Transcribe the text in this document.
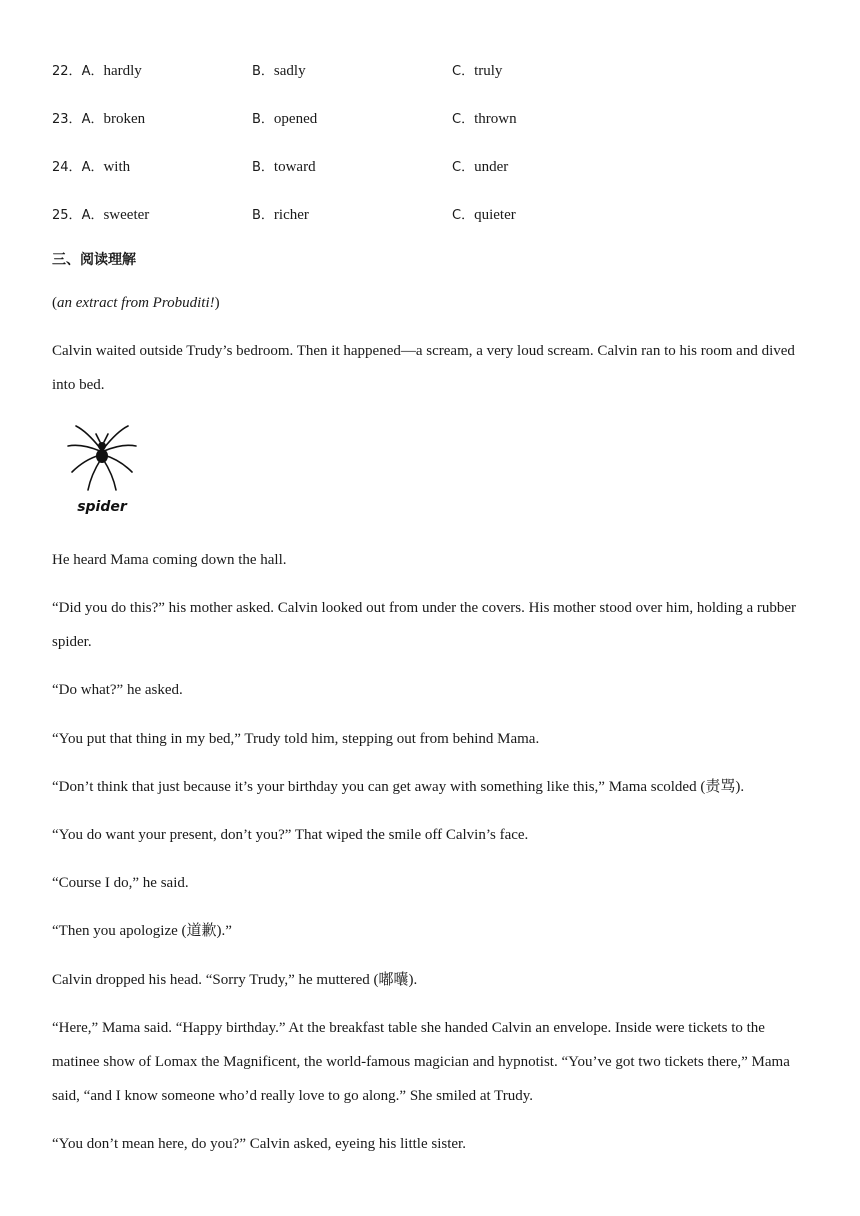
22．A．hardly	B．sadly	C．truly
23．A．broken	B．opened	C．thrown
24．A．with	B．toward	C．under
25．A．sweeter	B．richer	C．quieter
三、阅读理解
(an extract from Probuditi!)
Calvin waited outside Trudy’s bedroom. Then it happened—a scream, a very loud scream. Calvin ran to his room and dived into bed.
spider
He heard Mama coming down the hall.
“Did you do this?” his mother asked. Calvin looked out from under the covers. His mother stood over him, holding a rubber spider.
“Do what?” he asked.
“You put that thing in my bed,” Trudy told him, stepping out from behind Mama.
“Don’t think that just because it’s your birthday you can get away with something like this,” Mama scolded (责骂).
“You do want your present, don’t you?” That wiped the smile off Calvin’s face.
“Course I do,” he said.
“Then you apologize (道歉).”
Calvin dropped his head. “Sorry Trudy,” he muttered (嘟囔).
“Here,” Mama said. “Happy birthday.” At the breakfast table she handed Calvin an envelope. Inside were tickets to the matinee show of Lomax the Magnificent, the world-famous magician and hypnotist. “You’ve got two tickets there,” Mama said, “and I know someone who’d really love to go along.” She smiled at Trudy.
“You don’t mean here, do you?” Calvin asked, eyeing his little sister.
